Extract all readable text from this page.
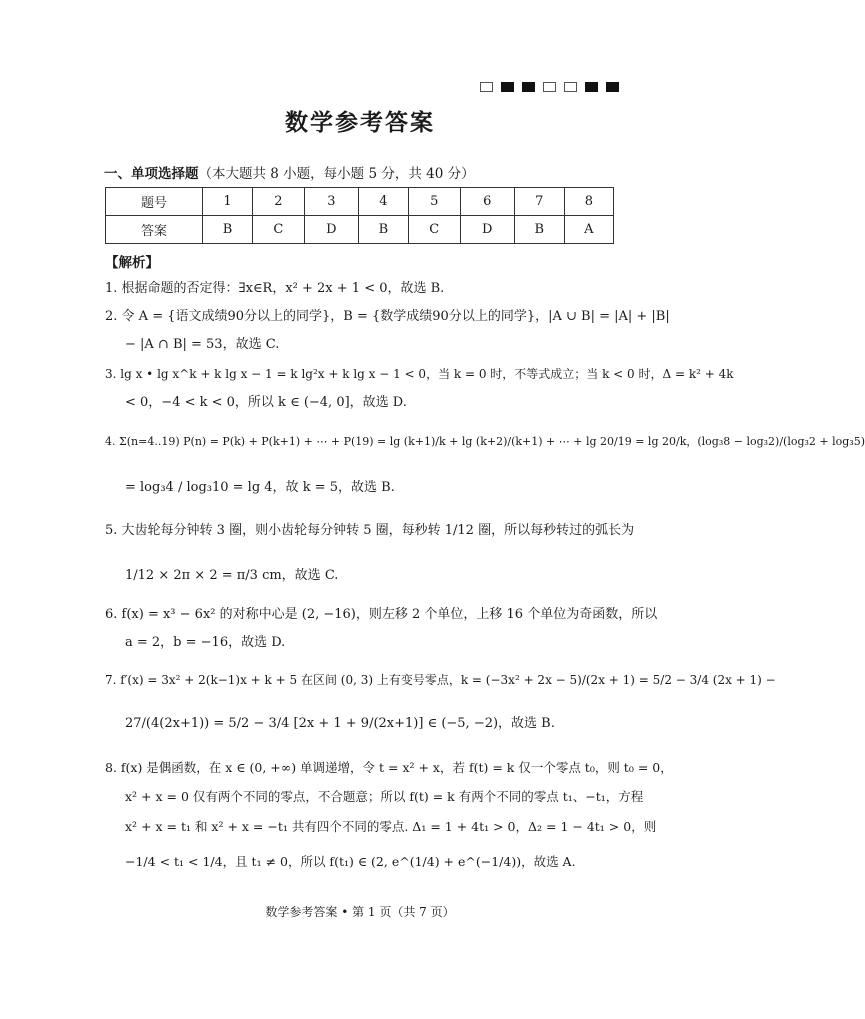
数学参考答案
一、单项选择题（本大题共 8 小题，每小题 5 分，共 40 分）
题号	1	2	3	4	5	6	7	8
答案	B	C	D	B	C	D	B	A
【解析】
1. 根据命题的否定得：∃x∈R，x² + 2x + 1 < 0，故选 B.
2. 令 A = {语文成绩90分以上的同学}，B = {数学成绩90分以上的同学}，|A ∪ B| = |A| + |B|
− |A ∩ B| = 53，故选 C.
3. lg x • lg x^k + k lg x − 1 = k lg²x + k lg x − 1 < 0，当 k = 0 时，不等式成立；当 k < 0 时，Δ = k² + 4k
< 0，−4 < k < 0，所以 k ∈ (−4, 0]，故选 D.
4. Σ(n=4..19) P(n) = P(k) + P(k+1) + ⋯ + P(19) = lg (k+1)/k + lg (k+2)/(k+1) + ⋯ + lg 20/19 = lg 20/k，(log₃8 − log₃2)/(log₃2 + log₃5)
= log₃4 / log₃10 = lg 4，故 k = 5，故选 B.
5. 大齿轮每分钟转 3 圈，则小齿轮每分钟转 5 圈，每秒转 1/12 圈，所以每秒转过的弧长为
1/12 × 2π × 2 = π/3 cm，故选 C.
6. f(x) = x³ − 6x² 的对称中心是 (2, −16)，则左移 2 个单位，上移 16 个单位为奇函数，所以
a = 2，b = −16，故选 D.
7. f′(x) = 3x² + 2(k−1)x + k + 5 在区间 (0, 3) 上有变号零点，k = (−3x² + 2x − 5)/(2x + 1) = 5/2 − 3/4 (2x + 1) −
27/(4(2x+1)) = 5/2 − 3/4 [2x + 1 + 9/(2x+1)] ∈ (−5, −2)，故选 B.
8. f(x) 是偶函数，在 x ∈ (0, +∞) 单调递增，令 t = x² + x，若 f(t) = k 仅一个零点 t₀，则 t₀ = 0，
x² + x = 0 仅有两个不同的零点，不合题意；所以 f(t) = k 有两个不同的零点 t₁、−t₁，方程
x² + x = t₁ 和 x² + x = −t₁ 共有四个不同的零点. Δ₁ = 1 + 4t₁ > 0，Δ₂ = 1 − 4t₁ > 0，则
−1/4 < t₁ < 1/4，且 t₁ ≠ 0，所以 f(t₁) ∈ (2, e^(1/4) + e^(−1/4))，故选 A.
数学参考答案 • 第 1 页（共 7 页）
